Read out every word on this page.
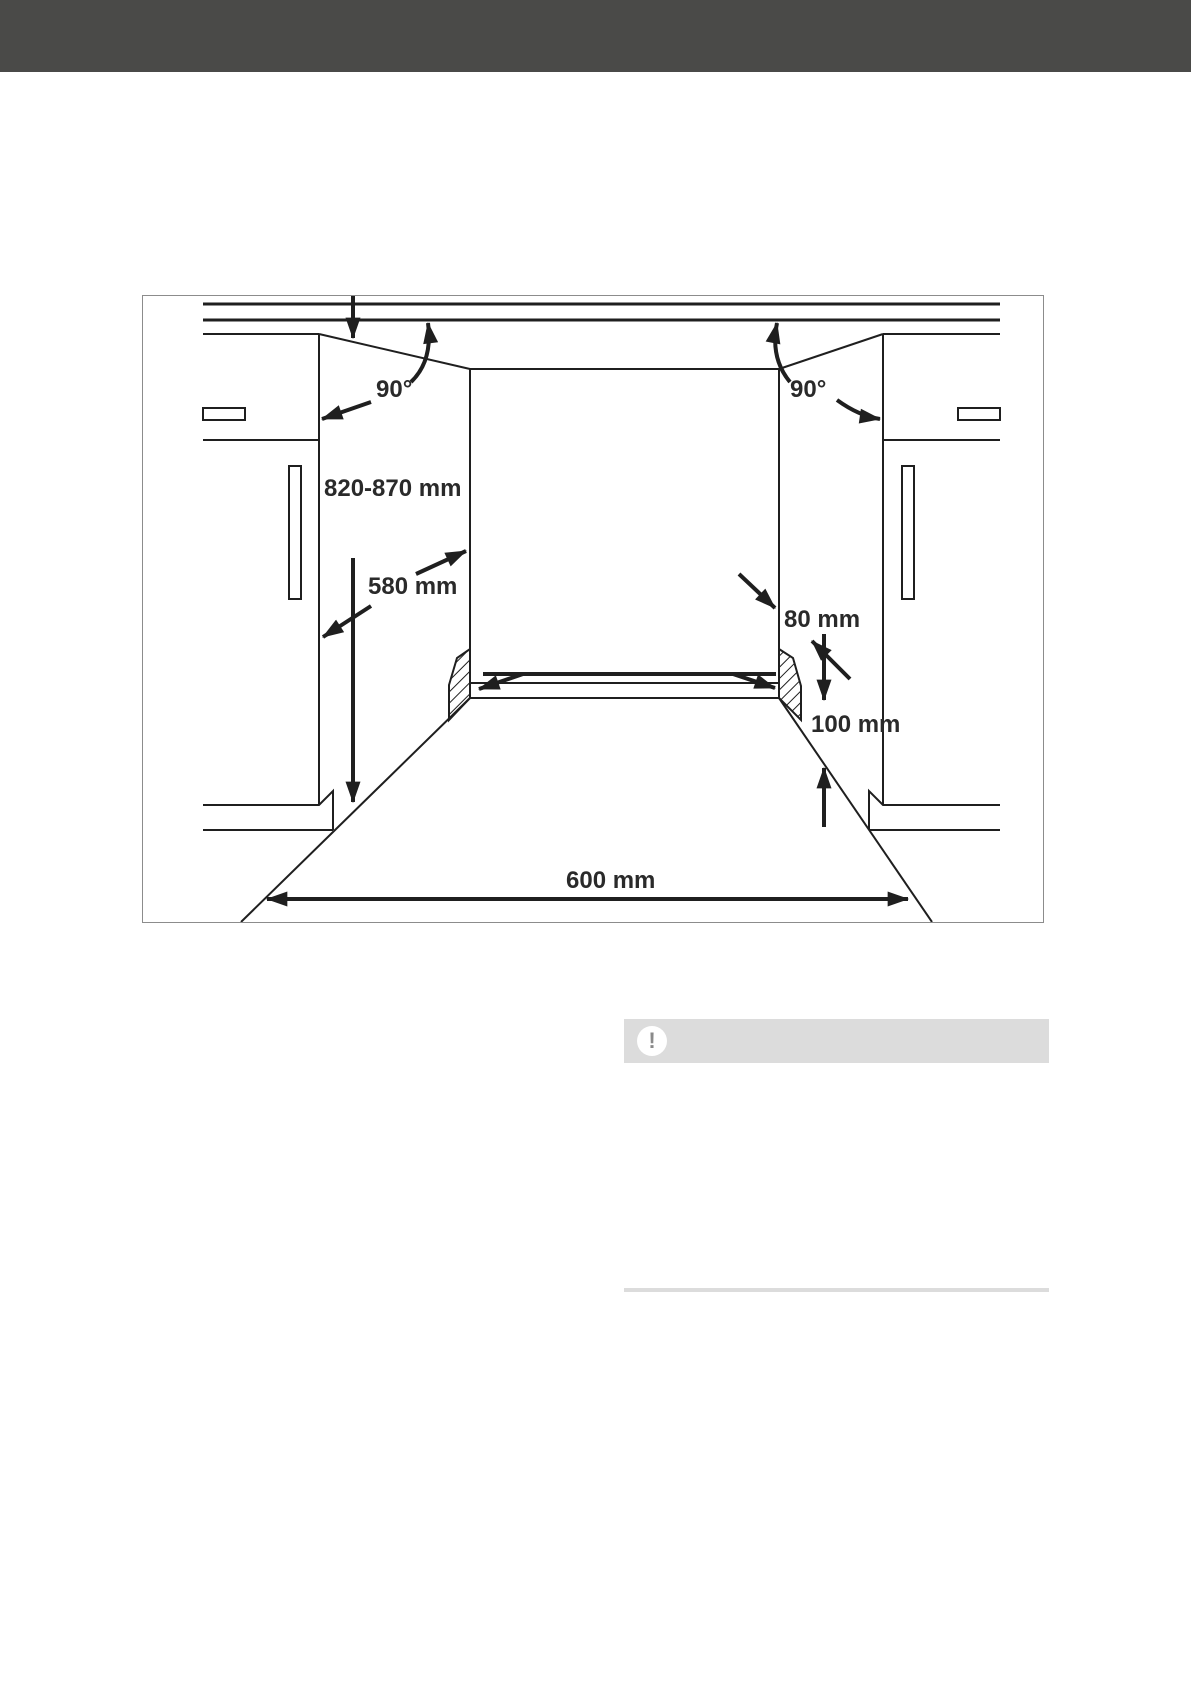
90°	90°
820-870 mm
580 mm
80 mm
100 mm
600 mm
!
